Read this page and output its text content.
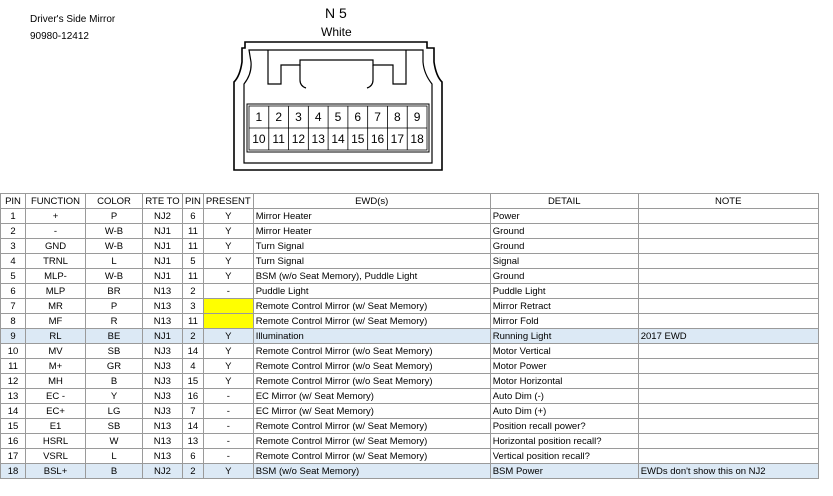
Driver's Side Mirror
90980-12412
N 5
White
1 2 3 4 5 6 7 8 9
10 11 12 13 14 15 16 17 18
PIN	FUNCTION	COLOR	RTE TO	PIN	PRESENT	EWD(s)	DETAIL	NOTE
1	+	P	NJ2	6	Y	Mirror Heater	Power	
2	-	W-B	NJ1	11	Y	Mirror Heater	Ground	
3	GND	W-B	NJ1	11	Y	Turn Signal	Ground	
4	TRNL	L	NJ1	5	Y	Turn Signal	Signal	
5	MLP-	W-B	NJ1	11	Y	BSM (w/o Seat Memory), Puddle Light	Ground	
6	MLP	BR	N13	2	-	Puddle Light	Puddle Light	
7	MR	P	N13	3		Remote Control Mirror (w/ Seat Memory)	Mirror Retract	
8	MF	R	N13	11		Remote Control Mirror (w/ Seat Memory)	Mirror Fold	
9	RL	BE	NJ1	2	Y	Illumination	Running Light	2017 EWD
10	MV	SB	NJ3	14	Y	Remote Control Mirror (w/o Seat Memory)	Motor Vertical	
11	M+	GR	NJ3	4	Y	Remote Control Mirror (w/o Seat Memory)	Motor Power	
12	MH	B	NJ3	15	Y	Remote Control Mirror (w/o Seat Memory)	Motor Horizontal	
13	EC -	Y	NJ3	16	-	EC Mirror (w/ Seat Memory)	Auto Dim (-)	
14	EC+	LG	NJ3	7	-	EC Mirror (w/ Seat Memory)	Auto Dim (+)	
15	E1	SB	N13	14	-	Remote Control Mirror (w/ Seat Memory)	Position recall power?	
16	HSRL	W	N13	13	-	Remote Control Mirror (w/ Seat Memory)	Horizontal position recall?	
17	VSRL	L	N13	6	-	Remote Control Mirror (w/ Seat Memory)	Vertical position recall?	
18	BSL+	B	NJ2	2	Y	BSM (w/o Seat Memory)	BSM Power	EWDs don't show this on NJ2
